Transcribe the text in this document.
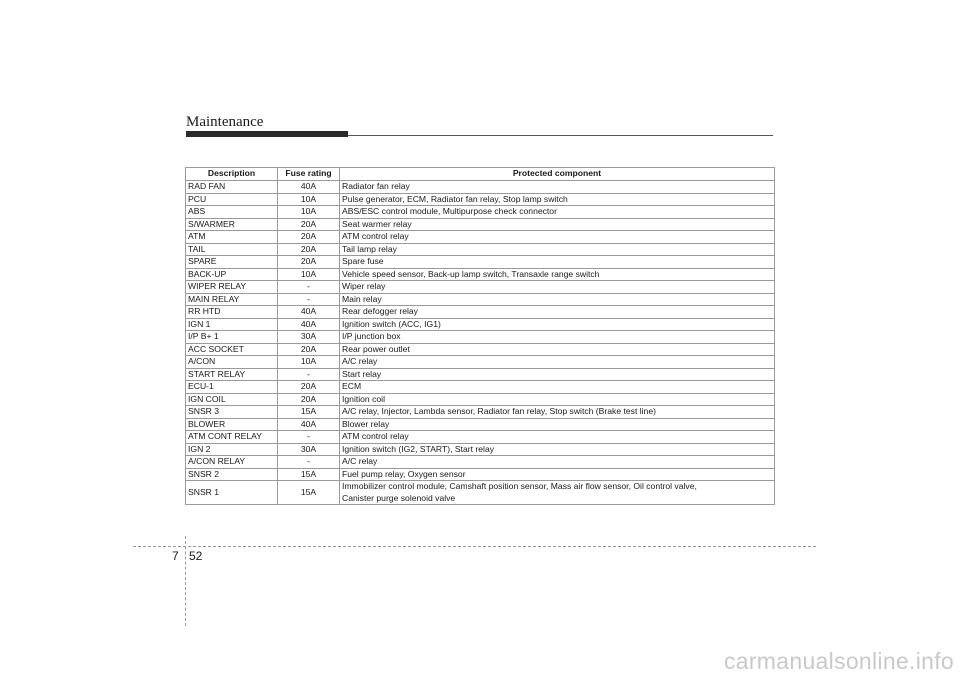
Maintenance
Description	Fuse rating	Protected component
RAD FAN	40A	Radiator fan relay

PCU	10A	Pulse generator, ECM, Radiator fan relay, Stop lamp switch

ABS	10A	ABS/ESC control module, Multipurpose check connector

S/WARMER	20A	Seat warmer relay

ATM	20A	ATM control relay

TAIL	20A	Tail lamp relay

SPARE	20A	Spare fuse

BACK-UP	10A	Vehicle speed sensor, Back-up lamp switch, Transaxle range switch

WIPER RELAY	-	Wiper relay

MAIN RELAY	-	Main relay

RR HTD	40A	Rear defogger relay

IGN 1	40A	Ignition switch (ACC, IG1)

I/P B+ 1	30A	I/P junction box

ACC SOCKET	20A	Rear power outlet

A/CON	10A	A/C relay

START RELAY	-	Start relay

ECU-1	20A	ECM

IGN COIL	20A	Ignition coil

SNSR 3	15A	A/C relay, Injector, Lambda sensor, Radiator fan relay, Stop switch (Brake test line)

BLOWER	40A	Blower relay

ATM CONT RELAY	-	ATM control relay

IGN 2	30A	Ignition switch (IG2, START), Start relay

A/CON RELAY	-	A/C relay

SNSR 2	15A	Fuel pump relay, Oxygen sensor

SNSR 1	15A	Immobilizer control module, Camshaft position sensor, Mass air flow sensor, Oil control valve,
Canister purge solenoid valve
7 52
carmanualsonline.info
